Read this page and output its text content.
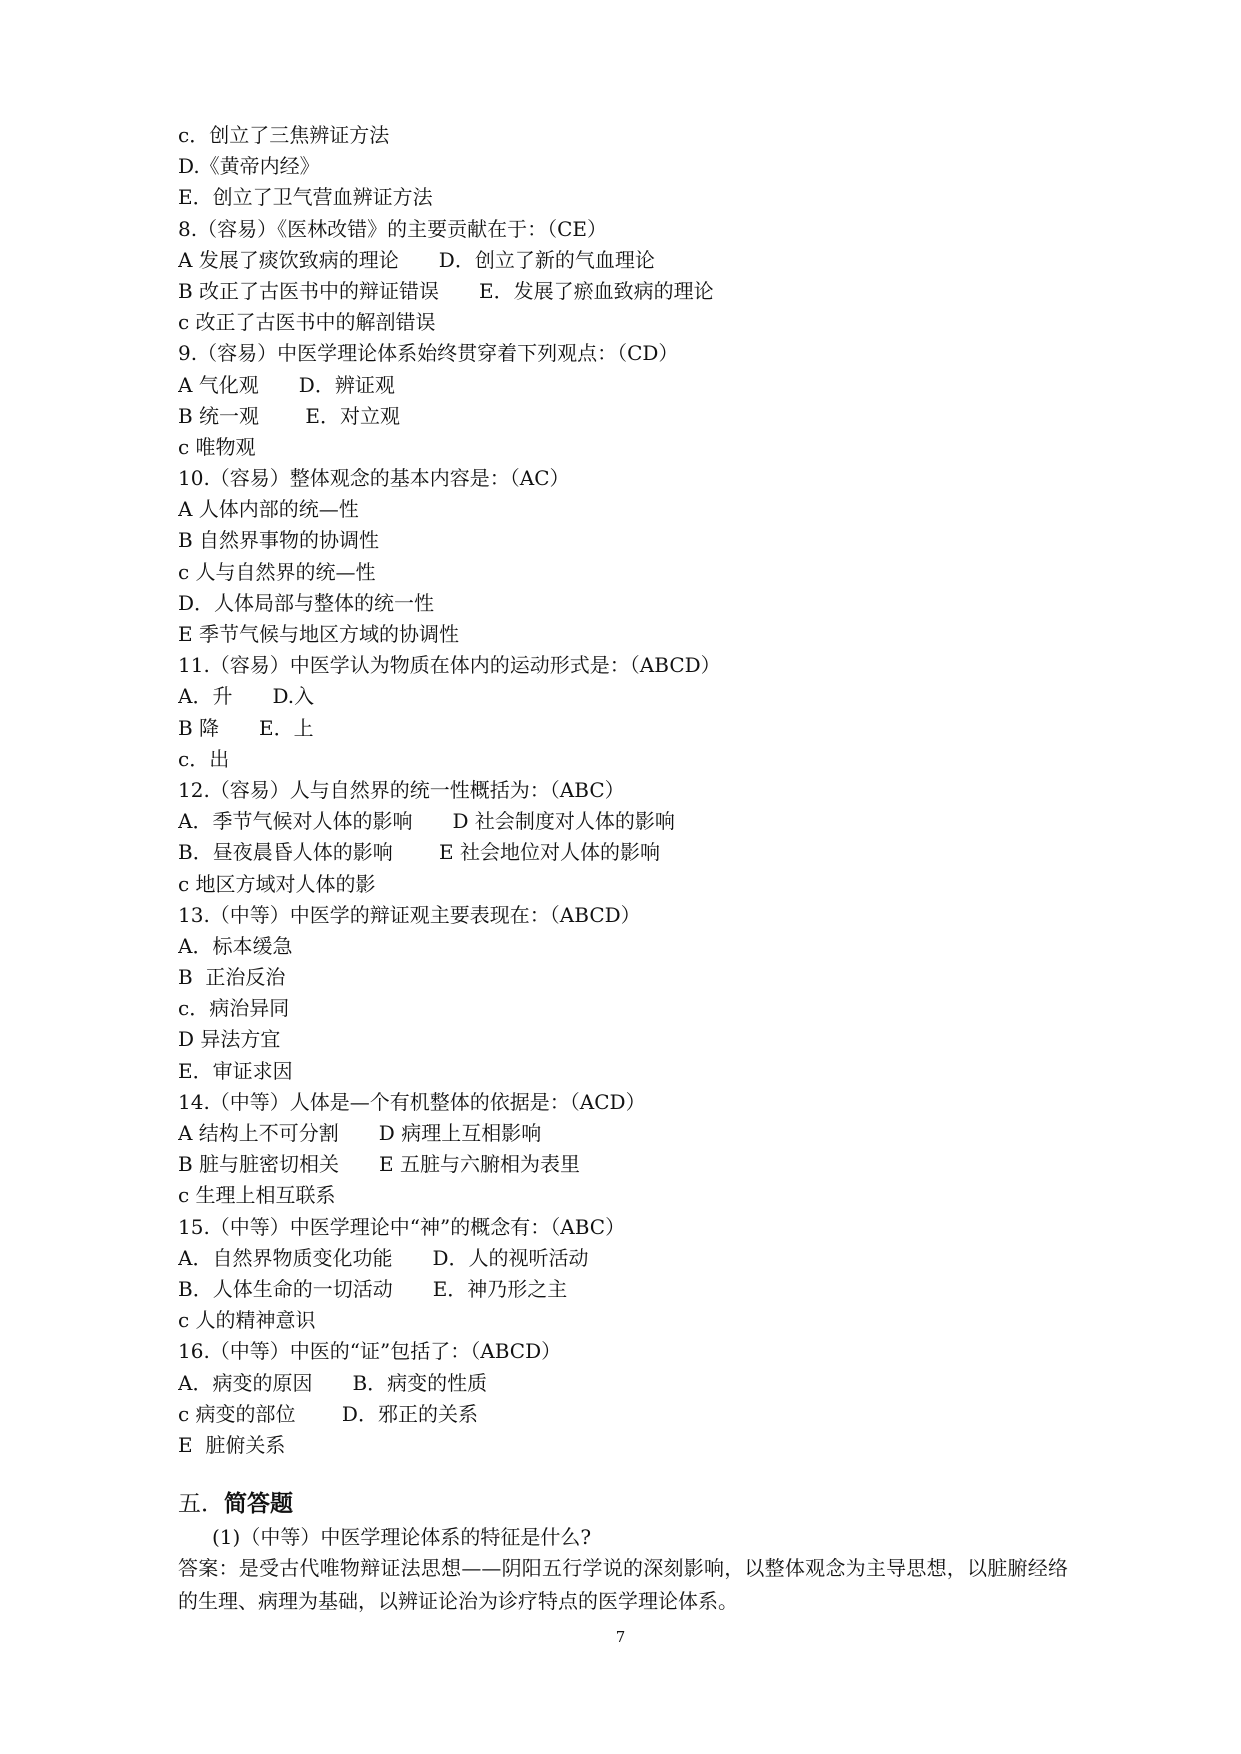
c．创立了三焦辨证方法
D.《黄帝内经》
E．创立了卫气营血辨证方法
8.（容易）《医林改错》的主要贡献在于：（CE）
A 发展了痰饮致病的理论　　D．创立了新的气血理论
B 改正了古医书中的辩证错误　　E．发展了瘀血致病的理论
c 改正了古医书中的解剖错误
9.（容易）中医学理论体系始终贯穿着下列观点：（CD）
A 气化观　　D．辨证观
B 统一观　　 E．对立观
c 唯物观
10.（容易）整体观念的基本内容是：（AC）
A 人体内部的统—性
B 自然界事物的协调性
c 人与自然界的统—性
D．人体局部与整体的统一性
E 季节气候与地区方域的协调性
11.（容易）中医学认为物质在体内的运动形式是：（ABCD）
A．升　　D.入
B 降　　E．上
c．出
12.（容易）人与自然界的统一性概括为：（ABC）
A．季节气候对人体的影响　　D 社会制度对人体的影响
B．昼夜晨昏人体的影响　　 E 社会地位对人体的影响
c 地区方域对人体的影
13.（中等）中医学的辩证观主要表现在：（ABCD）
A．标本缓急
B  正治反治
c．病治异同
D 异法方宜
E．审证求因
14.（中等）人体是—个有机整体的依据是：（ACD）
A 结构上不可分割　　D 病理上互相影响
B 脏与脏密切相关　　E 五脏与六腑相为表里
c 生理上相互联系
15.（中等）中医学理论中“神”的概念有：（ABC）
A．自然界物质变化功能　　D．人的视听活动
B．人体生命的一切活动　　E．神乃形之主
c 人的精神意识
16.（中等）中医的“证”包括了：（ABCD）
A．病变的原因　　B．病变的性质
c 病变的部位　　 D．邪正的关系
E  脏俯关系
五．简答题
(1)（中等）中医学理论体系的特征是什么?
答案：是受古代唯物辩证法思想——阴阳五行学说的深刻影响，以整体观念为主导思想，以脏腑经络的生理、病理为基础，以辨证论治为诊疗特点的医学理论体系。
7
